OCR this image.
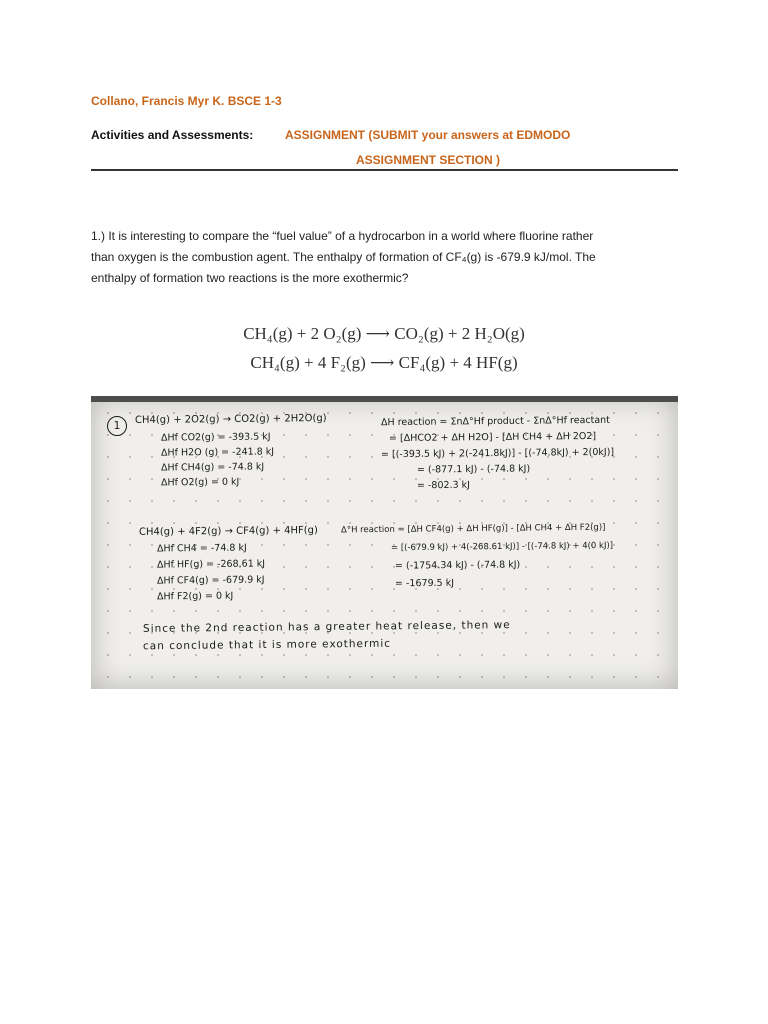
Collano, Francis Myr K. BSCE 1-3
Activities and Assessments:	ASSIGNMENT (SUBMIT your answers at EDMODO
ASSIGNMENT SECTION )
1.) It is interesting to compare the “fuel value” of a hydrocarbon in a world where fluorine rather
than oxygen is the combustion agent. The enthalpy of formation of CF₄(g) is -679.9 kJ/mol. The
enthalpy of formation two reactions is the more exothermic?
CH₄(g) + 2 O₂(g) ⟶ CO₂(g) + 2 H₂O(g)
CH₄(g) + 4 F₂(g) ⟶ CF₄(g) + 4 HF(g)
1	CH4(g) + 2O2(g) → CO2(g) + 2H2O(g)
ΔHf CO2(g) = -393.5 kJ
ΔHf H2O (g) = -241.8 kJ
ΔHf CH4(g) = -74.8 kJ
ΔHf O2(g) = 0 kJ
ΔH reaction = ΣnΔ°Hf product - ΣnΔ°Hf reactant
= [ΔHCO2 + ΔH H2O] - [ΔH CH4 + ΔH 2O2]
= [(-393.5 kJ) + 2(-241.8kJ)] - [(-74.8kJ) + 2(0kJ)]
= (-877.1 kJ) - (-74.8 kJ)
= -802.3 kJ
CH4(g) + 4F2(g) → CF4(g) + 4HF(g)
ΔHf CH4 = -74.8 kJ
ΔHf HF(g) = -268.61 kJ
ΔHf CF4(g) = -679.9 kJ
ΔHf F2(g) = 0 kJ
Δ°H reaction = [ΔH CF4(g) + ΔH HF(g)] - [ΔH CH4 + ΔH F2(g)]
= [(-679.9 kJ) + 4(-268.61 kJ)] - [(-74.8 kJ) + 4(0 kJ)]
= (-1754.34 kJ) - (-74.8 kJ)
= -1679.5 kJ
Since the 2nd reaction has a greater heat release, then we
can conclude that it is more exothermic
